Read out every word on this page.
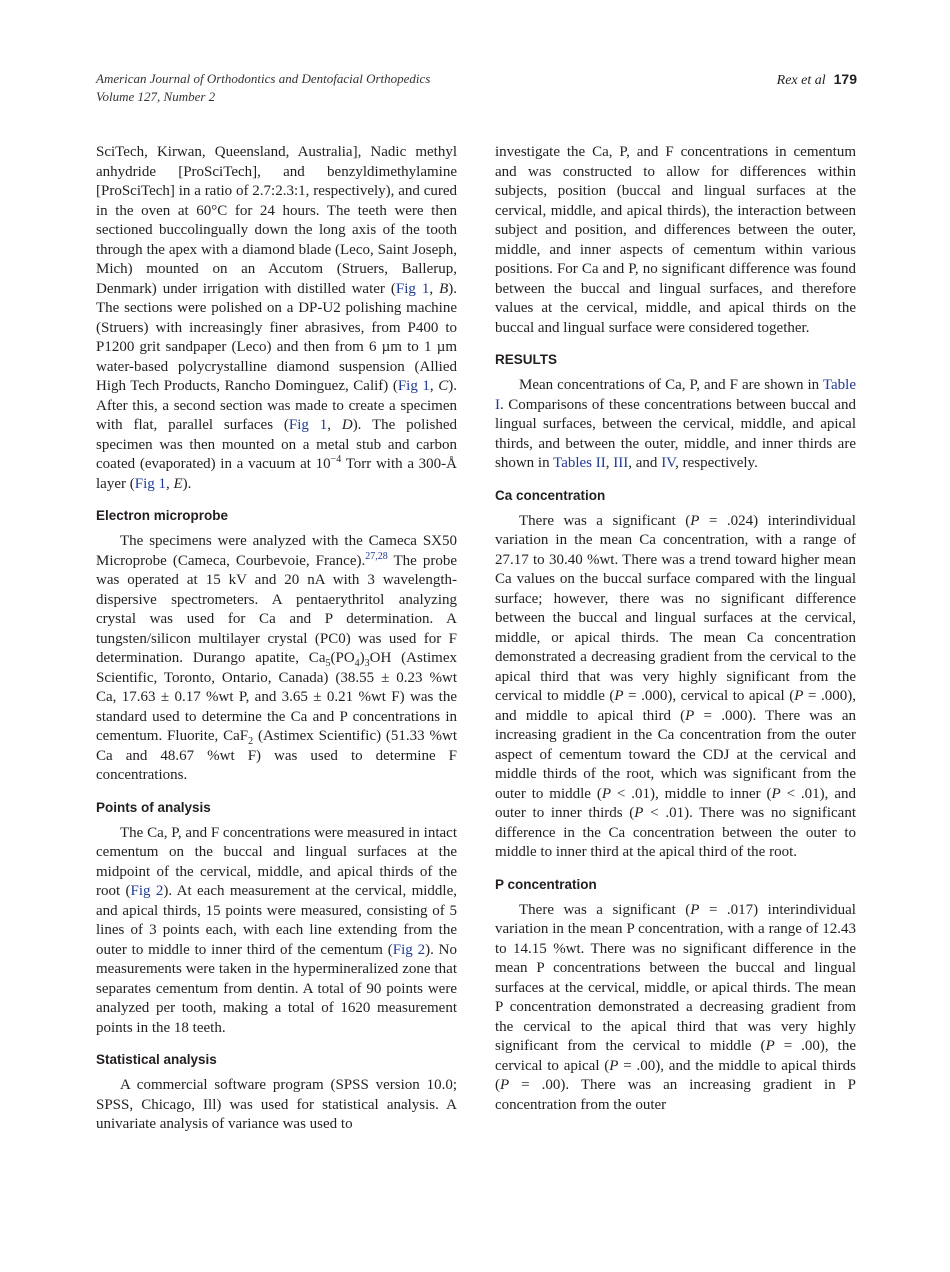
American Journal of Orthodontics and Dentofacial Orthopedics
Volume 127, Number 2
Rex et al 179

SciTech, Kirwan, Queensland, Australia], Nadic methyl anhydride [ProSciTech], and benzyldimethylamine [ProSciTech] in a ratio of 2.7:2.3:1, respectively), and cured in the oven at 60°C for 24 hours. The teeth were then sectioned buccolingually down the long axis of the tooth through the apex with a diamond blade (Leco, Saint Joseph, Mich) mounted on an Accutom (Struers, Ballerup, Denmark) under irrigation with distilled water (Fig 1, B). The sections were polished on a DP-U2 polishing machine (Struers) with increasingly finer abrasives, from P400 to P1200 grit sandpaper (Leco) and then from 6 µm to 1 µm water-based polycrystalline diamond suspension (Allied High Tech Products, Rancho Dominguez, Calif) (Fig 1, C). After this, a second section was made to create a specimen with flat, parallel surfaces (Fig 1, D). The polished specimen was then mounted on a metal stub and carbon coated (evaporated) in a vacuum at $10^{-4}$ Torr with a 300-Å layer (Fig 1, E).

Electron microprobe

The specimens were analyzed with the Cameca SX50 Microprobe (Cameca, Courbevoie, France).$^{27,28}$ The probe was operated at 15 kV and 20 nA with 3 wavelength-dispersive spectrometers. A pentaerythritol analyzing crystal was used for Ca and P determination. A tungsten/silicon multilayer crystal (PC0) was used for F determination. Durango apatite, $Ca_5(PO_4)_3OH$ (Astimex Scientific, Toronto, Ontario, Canada) (38.55 ± 0.23 %wt Ca, 17.63 ± 0.17 %wt P, and 3.65 ± 0.21 %wt F) was the standard used to determine the Ca and P concentrations in cementum. Fluorite, CaF$_2$ (Astimex Scientific) (51.33 %wt Ca and 48.67 %wt F) was used to determine F concentrations.

Points of analysis

The Ca, P, and F concentrations were measured in intact cementum on the buccal and lingual surfaces at the midpoint of the cervical, middle, and apical thirds of the root (Fig 2). At each measurement at the cervical, middle, and apical thirds, 15 points were measured, consisting of 5 lines of 3 points each, with each line extending from the outer to middle to inner third of the cementum (Fig 2). No measurements were taken in the hypermineralized zone that separates cementum from dentin. A total of 90 points were analyzed per tooth, making a total of 1620 measurement points in the 18 teeth.

Statistical analysis

A commercial software program (SPSS version 10.0; SPSS, Chicago, Ill) was used for statistical analysis. A univariate analysis of variance was used to

investigate the Ca, P, and F concentrations in cementum and was constructed to allow for differences within subjects, position (buccal and lingual surfaces at the cervical, middle, and apical thirds), the interaction between subject and position, and differences between the outer, middle, and inner aspects of cementum within various positions. For Ca and P, no significant difference was found between the buccal and lingual surfaces, and therefore values at the cervical, middle, and apical thirds on the buccal and lingual surface were considered together.

RESULTS

Mean concentrations of Ca, P, and F are shown in Table I. Comparisons of these concentrations between buccal and lingual surfaces, between the cervical, middle, and apical thirds, and between the outer, middle, and inner thirds are shown in Tables II, III, and IV, respectively.

Ca concentration

There was a significant (P = .024) interindividual variation in the mean Ca concentration, with a range of 27.17 to 30.40 %wt. There was a trend toward higher mean Ca values on the buccal surface compared with the lingual surface; however, there was no significant difference between the buccal and lingual surfaces at the cervical, middle, or apical thirds. The mean Ca concentration demonstrated a decreasing gradient from the cervical to the apical third that was very highly significant from the cervical to middle (P = .000), cervical to apical (P = .000), and middle to apical third (P = .000). There was an increasing gradient in the Ca concentration from the outer aspect of cementum toward the CDJ at the cervical and middle thirds of the root, which was significant from the outer to middle (P < .01), middle to inner (P < .01), and outer to inner thirds (P < .01). There was no significant difference in the Ca concentration between the outer to middle to inner third at the apical third of the root.

P concentration

There was a significant (P = .017) interindividual variation in the mean P concentration, with a range of 12.43 to 14.15 %wt. There was no significant difference in the mean P concentrations between the buccal and lingual surfaces at the cervical, middle, or apical thirds. The mean P concentration demonstrated a decreasing gradient from the cervical to the apical third that was very highly significant from the cervical to middle (P = .00), the cervical to apical (P = .00), and the middle to apical thirds (P = .00). There was an increasing gradient in P concentration from the outer
